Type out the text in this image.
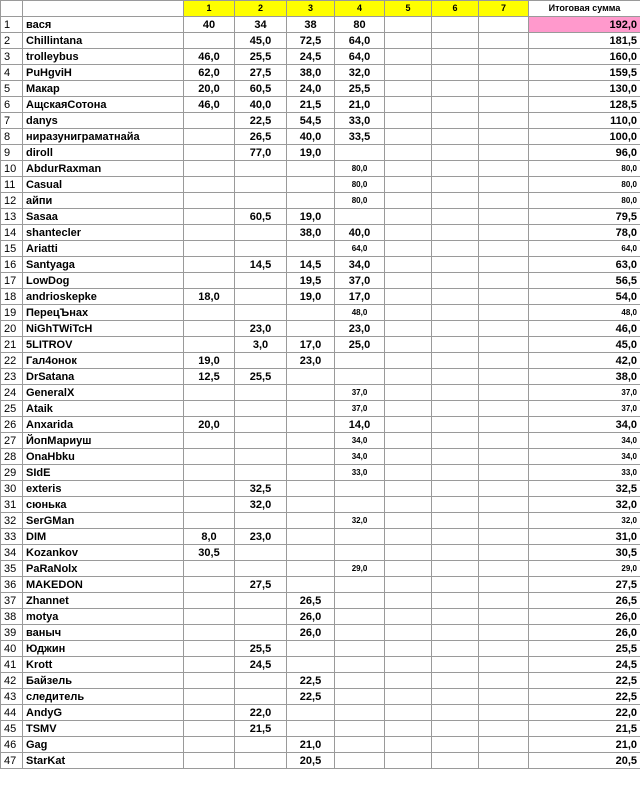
		1	2	3	4	5	6	7	Итоговая сумма
1	вася	40	34	38	80				192,0
2	Chillintana		45,0	72,5	64,0				181,5
3	trolleybus	46,0	25,5	24,5	64,0				160,0
4	PuHgviH	62,0	27,5	38,0	32,0				159,5
5	Макар	20,0	60,5	24,0	25,5				130,0
6	АщскаяСотона	46,0	40,0	21,5	21,0				128,5
7	danys		22,5	54,5	33,0				110,0
8	ниразуниграматнайа		26,5	40,0	33,5				100,0
9	diroll		77,0	19,0					96,0
10	AbdurRaxman				80,0				80,0
11	Casual				80,0				80,0
12	айпи				80,0				80,0
13	Sasaa		60,5	19,0					79,5
14	shantecler			38,0	40,0				78,0
15	Ariatti				64,0				64,0
16	Santyaga		14,5	14,5	34,0				63,0
17	LowDog			19,5	37,0				56,5
18	andrioskepke	18,0		19,0	17,0				54,0
19	ПерецЪнах				48,0				48,0
20	NiGhTWiTcH		23,0		23,0				46,0
21	5LITROV		3,0	17,0	25,0				45,0
22	Гал4онок	19,0		23,0					42,0
23	DrSatana	12,5	25,5						38,0
24	GeneralX				37,0				37,0
25	Ataik				37,0				37,0
26	Anxarida	20,0			14,0				34,0
27	ЙопМариуш				34,0				34,0
28	OnaHbku				34,0				34,0
29	SIdE				33,0				33,0
30	exteris		32,5						32,5
31	сюнька		32,0						32,0
32	SerGMan				32,0				32,0
33	DIM	8,0	23,0						31,0
34	Kozankov	30,5							30,5
35	PaRaNolx				29,0				29,0
36	MAKEDON		27,5						27,5
37	Zhannet			26,5					26,5
38	motya			26,0					26,0
39	ваныч			26,0					26,0
40	Юджин		25,5						25,5
41	Krott		24,5						24,5
42	Байзель			22,5					22,5
43	следитель			22,5					22,5
44	AndyG		22,0						22,0
45	TSMV		21,5						21,5
46	Gag			21,0					21,0
47	StarKat			20,5					20,5
